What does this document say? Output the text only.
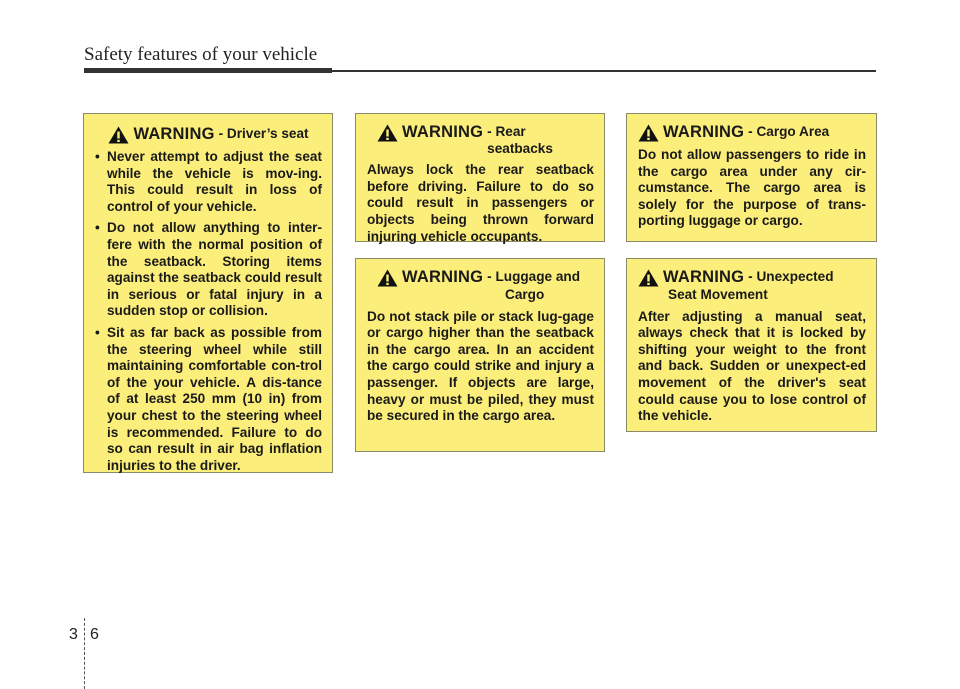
Safety features of your vehicle
WARNING - Driver’s seat
• Never attempt to adjust the seat while the vehicle is mov-ing. This could result in loss of control of your vehicle.
• Do not allow anything to inter-fere with the normal position of the seatback. Storing items against the seatback could result in serious or fatal injury in a sudden stop or collision.
• Sit as far back as possible from the steering wheel while still maintaining comfortable con-trol of the your vehicle. A dis-tance of at least 250 mm (10 in) from your chest to the steering wheel is recommended. Failure to do so can result in air bag inflation injuries to the driver.
WARNING - Rear seatbacks
Always lock the rear seatback before driving. Failure to do so could result in passengers or objects being thrown forward injuring vehicle occupants.
WARNING - Luggage and
Cargo
Do not stack pile or stack lug-gage or cargo higher than the seatback in the cargo area. In an accident the cargo could strike and injury a passenger. If objects are large, heavy or must be piled, they must be secured in the cargo area.
WARNING - Cargo Area
Do not allow passengers to ride in the cargo area under any cir-cumstance. The cargo area is solely for the purpose of trans-porting luggage or cargo.
WARNING - Unexpected
Seat Movement
After adjusting a manual seat, always check that it is locked by shifting your weight to the front and back. Sudden or unexpect-ed movement of the driver's seat could cause you to lose control of the vehicle.
3 6
